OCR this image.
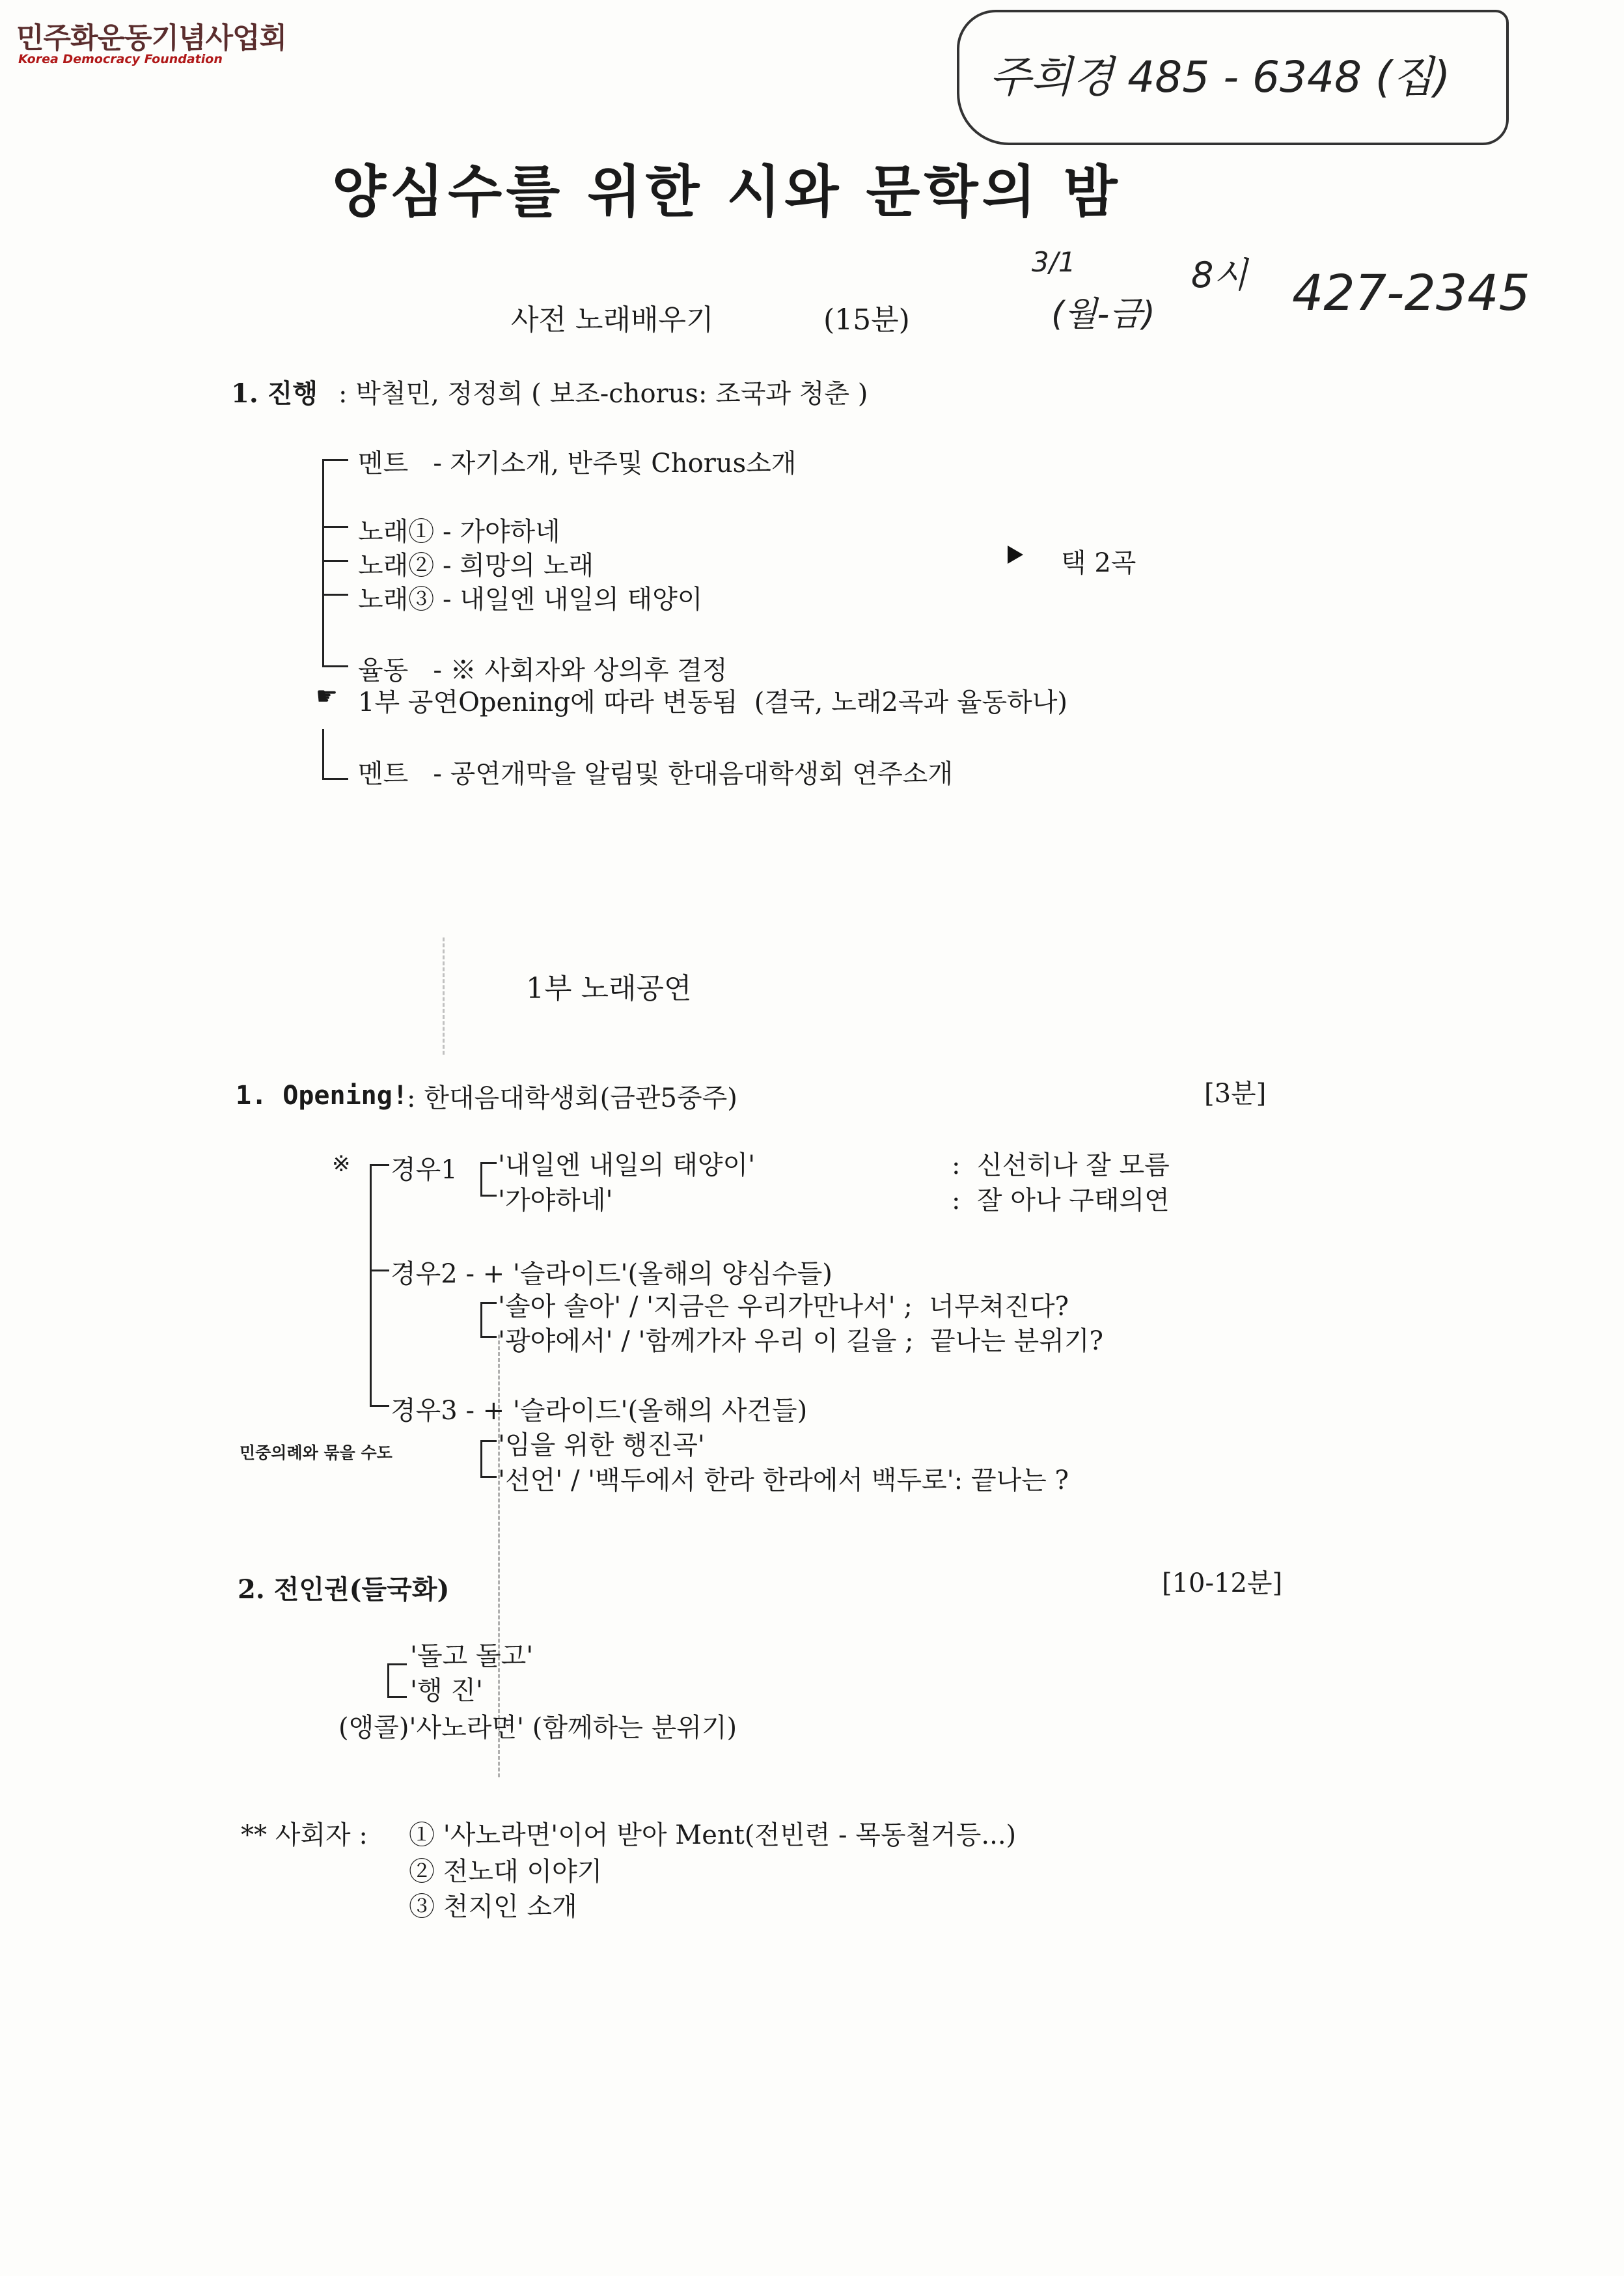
민주화운동기념사업회
Korea Democracy Foundation	주희경 485 - 6348 (집)
3/1
(월-금)
8시 427-2345
양심수를 위한 시와 문학의 밤
사전 노래배우기	(15분)
1. 진행 : 박철민, 정정희 ( 보조-chorus: 조국과 청춘 )
멘트   - 자기소개, 반주및 Chorus소개
노래① - 가야하네
노래② - 희망의 노래
노래③ - 내일엔 내일의 태양이
율동   - ※ 사회자와 상의후 결정
☛ 1부 공연Opening에 따라 변동됨  (결국, 노래2곡과 율동하나)
멘트   - 공연개막을 알림및 한대음대학생회 연주소개
택 2곡
1부 노래공연
1. Opening!
: 한대음대학생회(금관5중주)	[3분]
※ 경우1 '내일엔 내일의 태양이'
'가야하네'
:  신선히나 잘 모름
:  잘 아나 구태의연
경우2 - + '슬라이드'(올해의 양심수들)
'솔아 솔아' / '지금은 우리가만나서' ;  너무쳐진다?
'광야에서' / '함께가자 우리 이 길을 ;  끝나는 분위기?
경우3 - + '슬라이드'(올해의 사건들)
민중의례와 묶을 수도	'임을 위한 행진곡'
'선언' / '백두에서 한라 한라에서 백두로': 끝나는 ?
2. 전인권(들국화)	[10-12분]
'돌고 돌고'
'행 진'
(앵콜)'사노라면' (함께하는 분위기)
** 사회자 : ① '사노라면'이어 받아 Ment(전빈련 - 목동철거등...)
② 전노대 이야기
③ 천지인 소개
